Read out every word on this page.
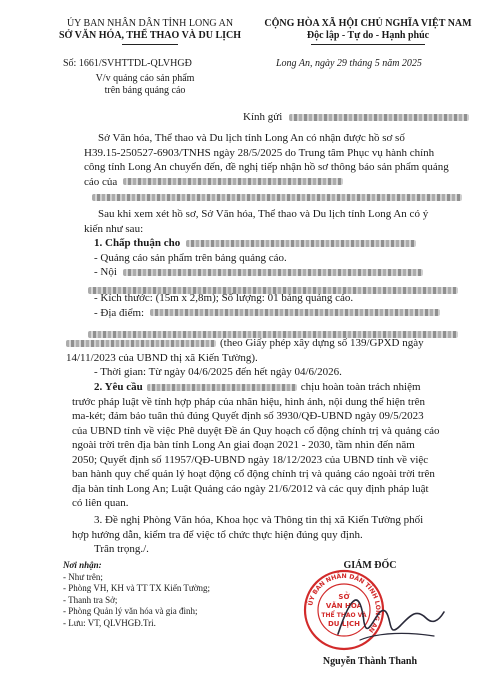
ỦY BAN NHÂN DÂN TỈNH LONG AN
SỞ VĂN HÓA, THỂ THAO VÀ DU LỊCH
CỘNG HÒA XÃ HỘI CHỦ NGHĨA VIỆT NAM
Độc lập - Tự do - Hạnh phúc
Số: 1661/SVHTTDL-QLVHGĐ	Long An, ngày 29 tháng 5 năm 2025
V/v quảng cáo sản phẩm
trên bảng quảng cáo
Kính gửi
Sở Văn hóa, Thể thao và Du lịch tỉnh Long An có nhận được hồ sơ số
H39.15-250527-6903/TNHS ngày 28/5/2025 do Trung tâm Phục vụ hành chính
công tỉnh Long An chuyển đến, đề nghị tiếp nhận hồ sơ thông báo sản phẩm quảng
cáo của
Sau khi xem xét hồ sơ, Sở Văn hóa, Thể thao và Du lịch tỉnh Long An có ý
kiến như sau:
1. Chấp thuận cho
- Quảng cáo sản phẩm trên bảng quảng cáo.
- Nội
- Kích thước: (15m x 2,8m); Số lượng: 01 bảng quảng cáo.
- Địa điểm:
(theo Giấy phép xây dựng số 139/GPXD ngày
14/11/2023 của UBND thị xã Kiến Tường).
- Thời gian: Từ ngày 04/6/2025 đến hết ngày 04/6/2026.
2. Yêu cầu	chịu hoàn toàn trách nhiệm
trước pháp luật về tính hợp pháp của nhãn hiệu, hình ảnh, nội dung thể hiện trên
ma-két; đảm bảo tuân thủ đúng Quyết định số 3930/QĐ-UBND ngày 09/5/2023
của UBND tỉnh về việc Phê duyệt Đề án Quy hoạch cổ động chính trị và quảng cáo
ngoài trời trên địa bàn tỉnh Long An giai đoạn 2021 - 2030, tầm nhìn đến năm
2050; Quyết định số 11957/QĐ-UBND ngày 18/12/2023 của UBND tỉnh về việc
ban hành quy chế quản lý hoạt động cổ động chính trị và quảng cáo ngoài trời trên
địa bàn tỉnh Long An; Luật Quảng cáo ngày 21/6/2012 và các quy định pháp luật
có liên quan.
3. Đề nghị Phòng Văn hóa, Khoa học và Thông tin thị xã Kiến Tường phối
hợp hướng dẫn, kiểm tra để việc tổ chức thực hiện đúng quy định.
Trân trọng./.
Nơi nhận:
- Như trên;
- Phòng VH, KH và TT TX Kiến Tường;
- Thanh tra Sở;
- Phòng Quản lý văn hóa và gia đình;
- Lưu: VT, QLVHGĐ.Tri.
GIÁM ĐỐC
ỦY BAN NHÂN DÂN TỈNH LONG AN
SỞ
VĂN HÓA
THỂ THAO VÀ
DU LỊCH
Nguyễn Thành Thanh
